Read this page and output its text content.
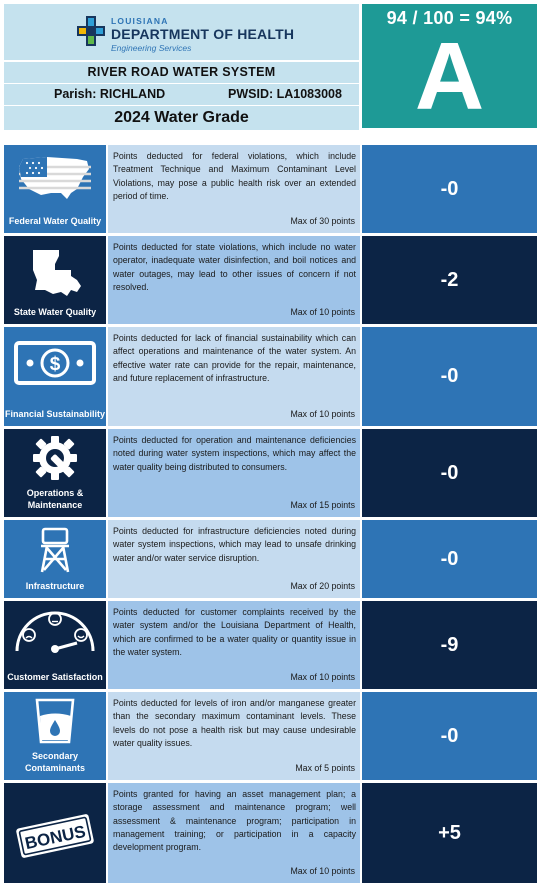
LOUISIANA
DEPARTMENT OF HEALTH
Engineering Services
RIVER ROAD WATER SYSTEM
Parish: RICHLAND	PWSID: LA1083008
2024 Water Grade
94 / 100 = 94%
A
Federal Water Quality
Points deducted for federal violations, which include Treatment Technique and Maximum Contaminant Level Violations, may pose a public health risk over an extended period of time.
Max of 30 points
-0
State Water Quality
Points deducted for state violations, which include no water operator, inadequate water disinfection, and boil notices and water outages, may lead to other issues of concern if not resolved.
Max of 10 points
-2
$
Financial Sustainability
Points deducted for lack of financial sustainability which can affect operations and maintenance of the water system. An effective water rate can provide for the repair, maintenance, and future replacement of infrastructure.
Max of 10 points
-0
Operations & Maintenance
Points deducted for operation and maintenance deficiencies noted during water system inspections, which may affect the water quality being distributed to consumers.
Max of 15 points
-0
Infrastructure
Points deducted for infrastructure deficiencies noted during water system inspections, which may lead to unsafe drinking water and/or water service disruption.
Max of 20 points
-0
Customer Satisfaction
Points deducted for customer complaints received by the water system and/or the Louisiana Department of Health, which are confirmed to be a water quality or quantity issue in the water system.
Max of 10 points
-9
Secondary Contaminants
Points deducted for levels of iron and/or manganese greater than the secondary maximum contaminant levels. These levels do not pose a health risk but may cause undesirable water quality issues.
Max of 5 points
-0
BONUS
Points granted for having an asset management plan; a storage assessment and maintenance program; well assessment & maintenance program; participation in management training; or participation in a capacity development program.
Max of 10 points
+5
